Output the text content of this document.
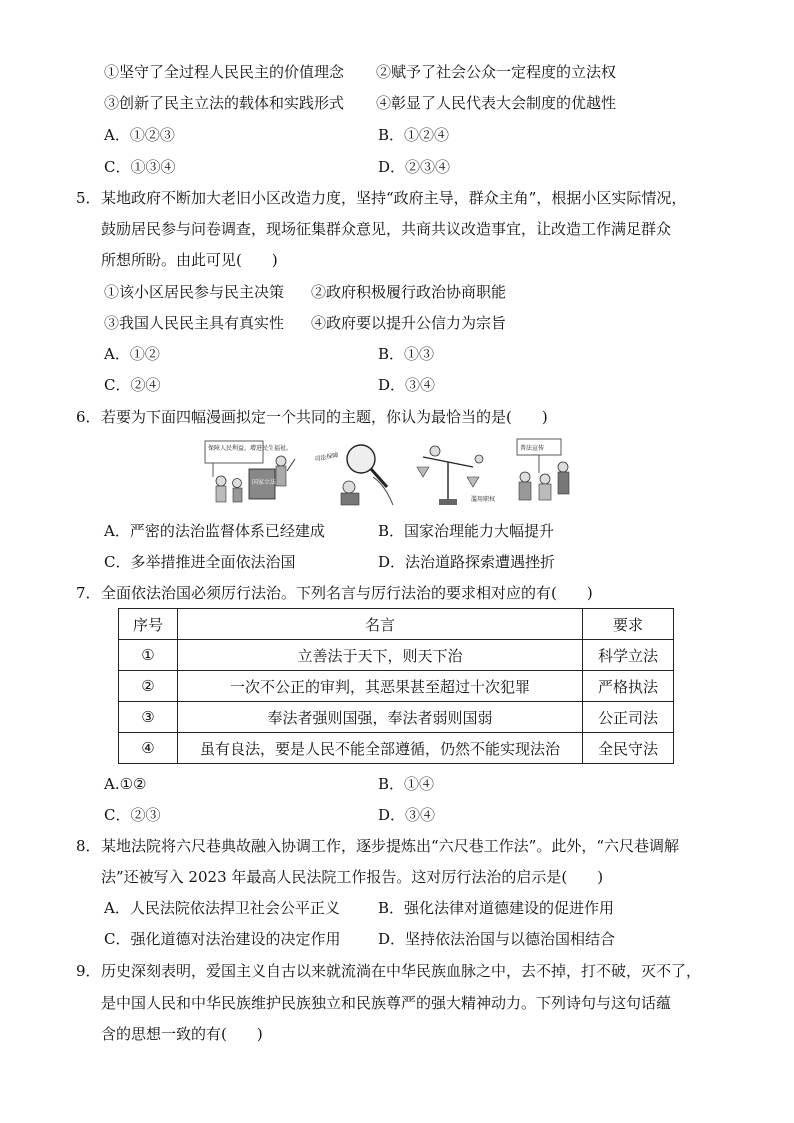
①坚守了全过程人民民主的价值理念 ②赋予了社会公众一定程度的立法权
③创新了民主立法的载体和实践形式 ④彰显了人民代表大会制度的优越性
A．①②③	B．①②④
C．①③④	D．②③④
5． 某地政府不断加大老旧小区改造力度，坚持“政府主导，群众主角”，根据小区实际情况，
鼓励居民参与问卷调查，现场征集群众意见，共商共议改造事宜，让改造工作满足群众
所想所盼。由此可见(　　)
①该小区居民参与民主决策 ②政府积极履行政治协商职能
③我国人民民主具有真实性 ④政府要以提升公信力为宗旨
A．①②	B．①③
C．②④	D．③④
6． 若要为下面四幅漫画拟定一个共同的主题，你认为最恰当的是(　　)
保障人民利益，增进民生福祉。
国家立法
司法保障
滥用职权
普法宣传
A．严密的法治监督体系已经建成	B．国家治理能力大幅提升
C．多举措推进全面依法治国	D．法治道路探索遭遇挫折
7． 全面依法治国必须厉行法治。下列名言与厉行法治的要求相对应的有(　　)
序号	名言	要求
①	立善法于天下，则天下治	科学立法
②	一次不公正的审判，其恶果甚至超过十次犯罪	严格执法
③	奉法者强则国强，奉法者弱则国弱	公正司法
④	虽有良法，要是人民不能全部遵循，仍然不能实现法治	全民守法
A.①②	B．①④
C．②③	D．③④
8． 某地法院将六尺巷典故融入协调工作，逐步提炼出“六尺巷工作法”。此外，“六尺巷调解
法”还被写入 2023 年最高人民法院工作报告。这对厉行法治的启示是(　　)
A．人民法院依法捍卫社会公平正义	B．强化法律对道德建设的促进作用
C．强化道德对法治建设的决定作用	D．坚持依法治国与以德治国相结合
9． 历史深刻表明，爱国主义自古以来就流淌在中华民族血脉之中，去不掉，打不破，灭不了，
是中国人民和中华民族维护民族独立和民族尊严的强大精神动力。下列诗句与这句话蕴
含的思想一致的有(　　)
